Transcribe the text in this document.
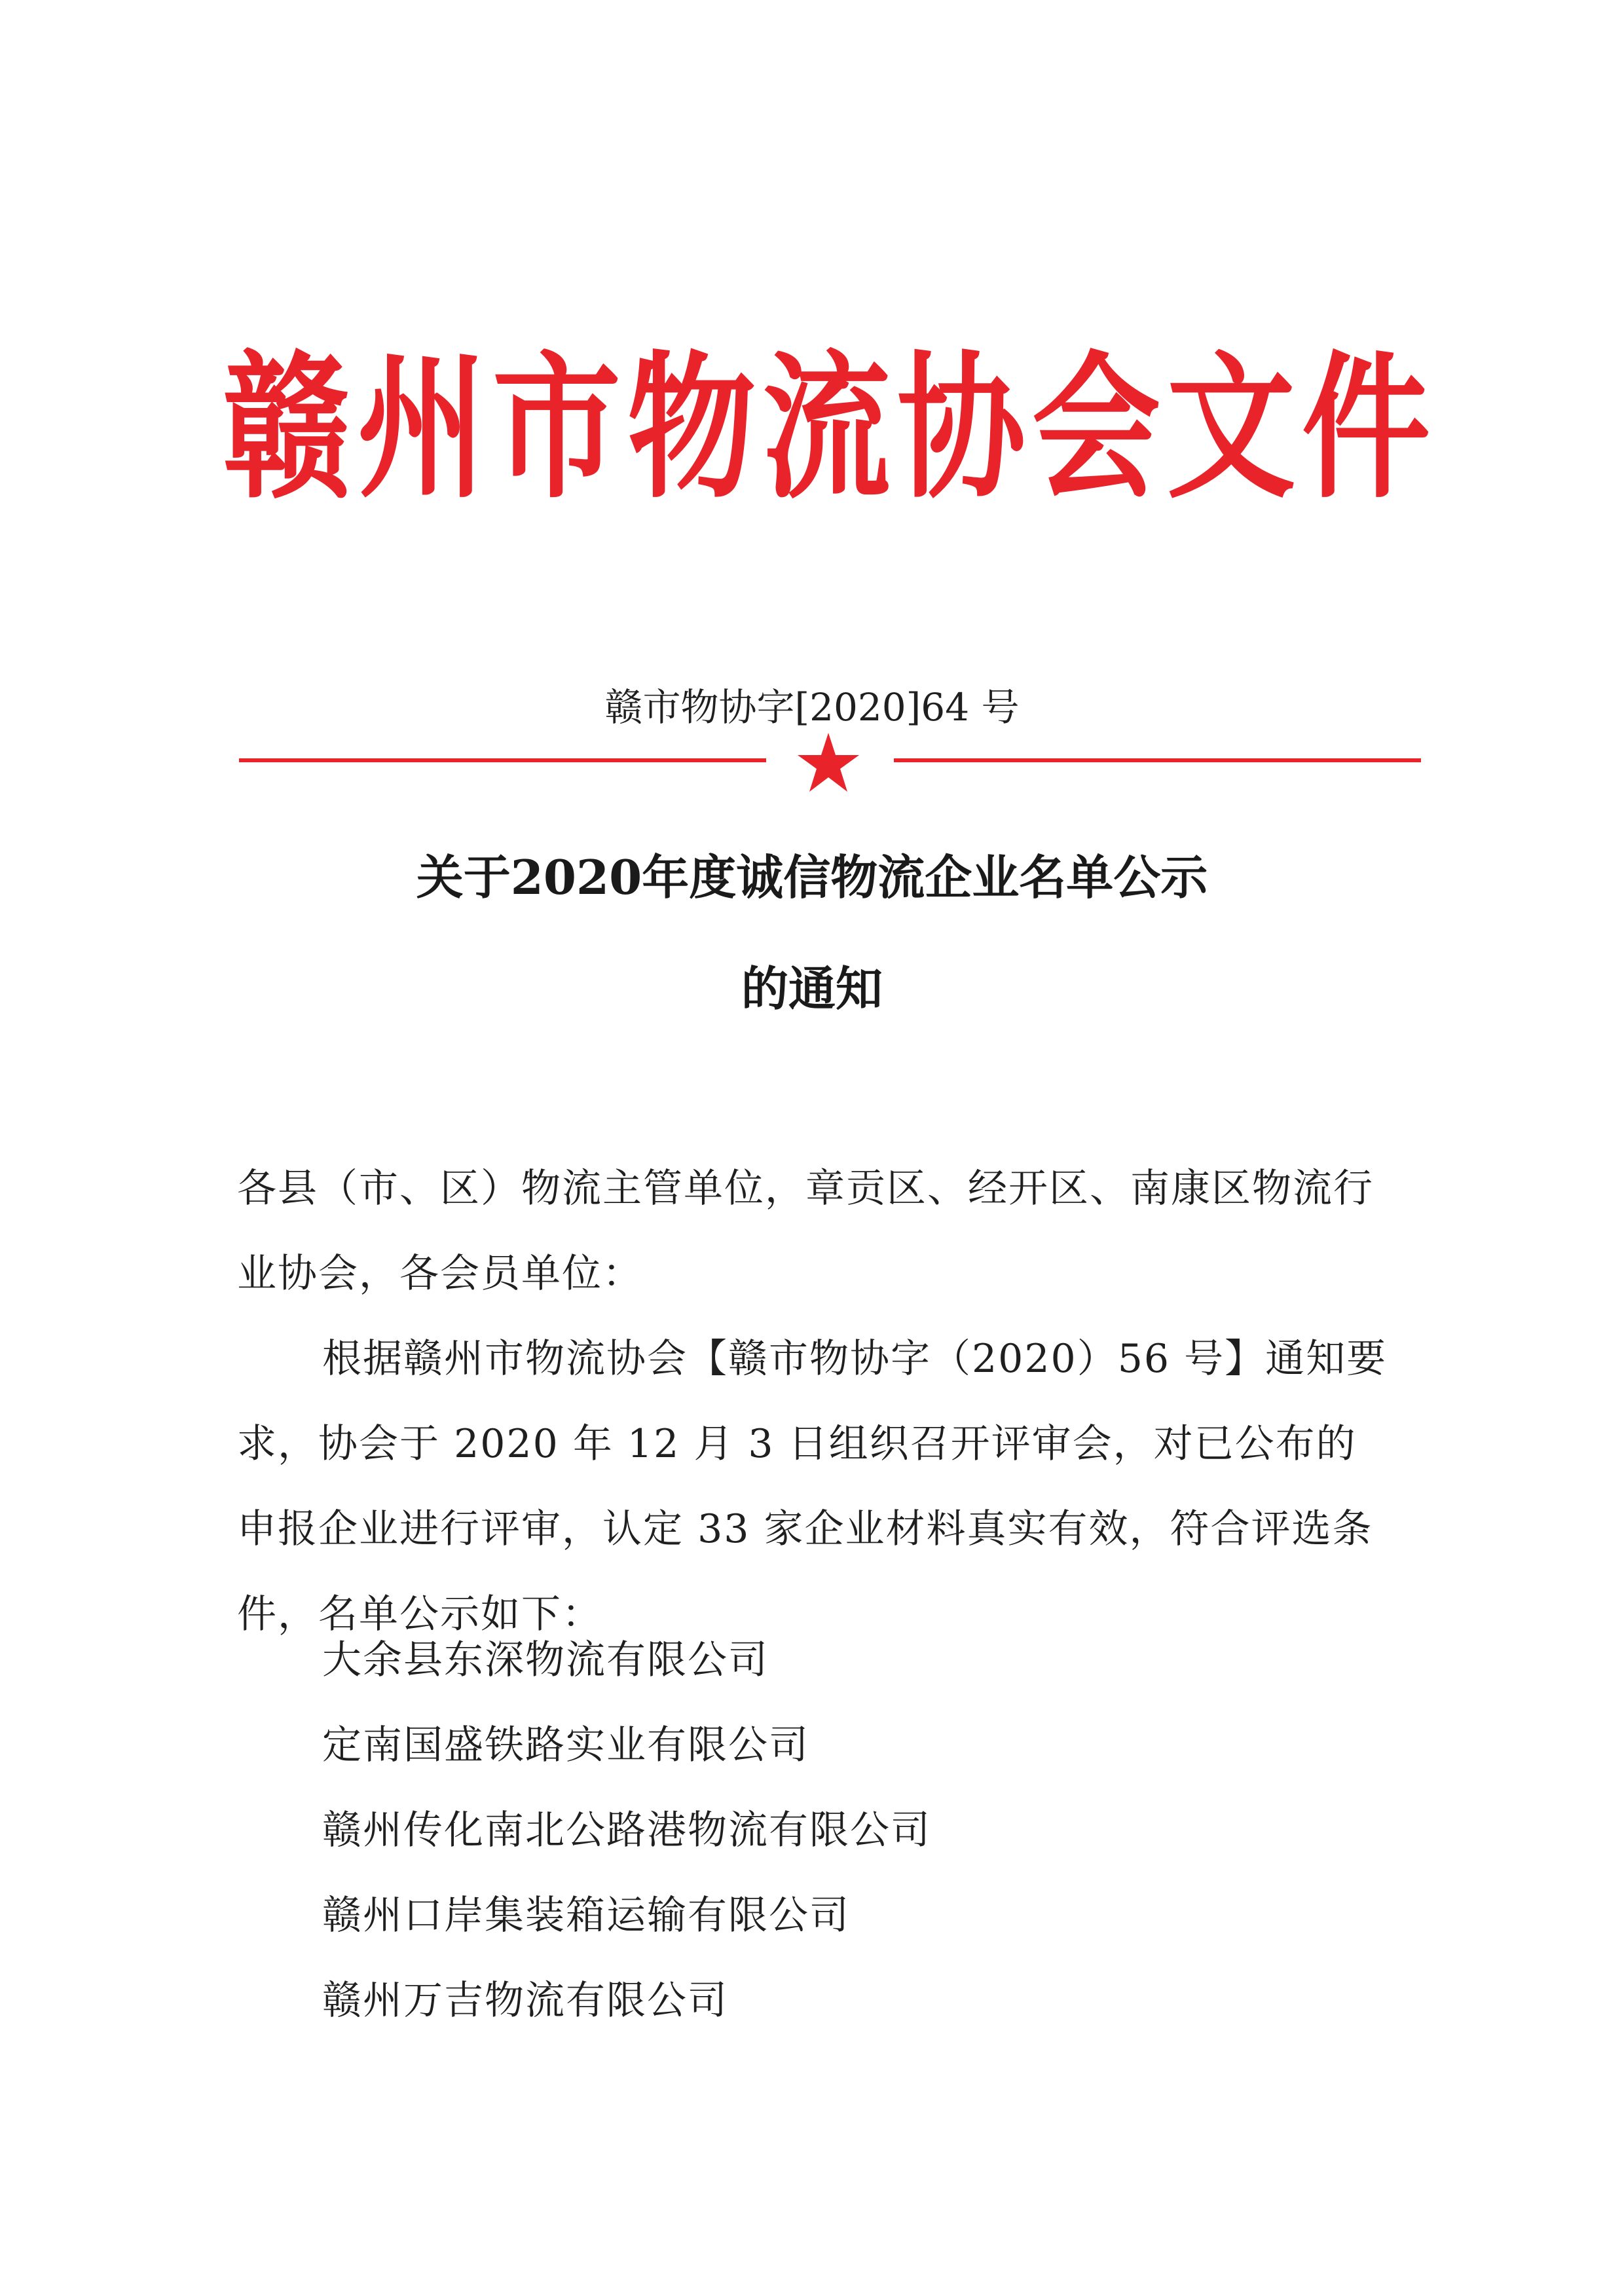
赣州市物流协会文件
赣市物协字[2020]64 号
关于2020年度诚信物流企业名单公示
的通知

各县（市、区）物流主管单位，章贡区、经开区、南康区物流行业协会，各会员单位：

根据赣州市物流协会【赣市物协字（2020）56 号】通知要求，协会于 2020 年 12 月 3 日组织召开评审会，对已公布的申报企业进行评审，认定 33 家企业材料真实有效，符合评选条件，名单公示如下：

大余县东深物流有限公司
定南国盛铁路实业有限公司
赣州传化南北公路港物流有限公司
赣州口岸集装箱运输有限公司
赣州万吉物流有限公司
